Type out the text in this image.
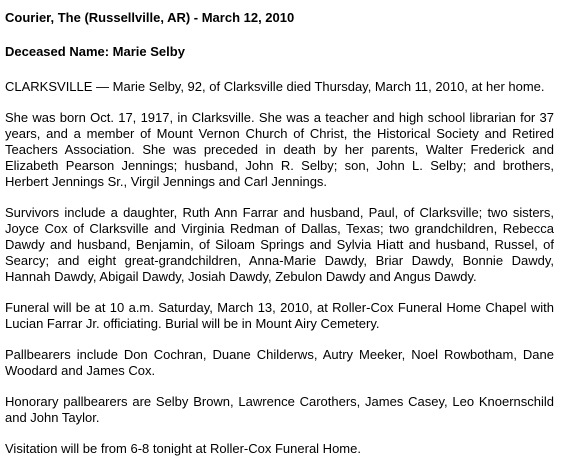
Courier, The (Russellville, AR) - March 12, 2010

Deceased Name: Marie Selby

CLARKSVILLE — Marie Selby, 92, of Clarksville died Thursday, March 11, 2010, at her home.

She was born Oct. 17, 1917, in Clarksville. She was a teacher and high school librarian for 37 years, and a member of Mount Vernon Church of Christ, the Historical Society and Retired Teachers Association. She was preceded in death by her parents, Walter Frederick and Elizabeth Pearson Jennings; husband, John R. Selby; son, John L. Selby; and brothers, Herbert Jennings Sr., Virgil Jennings and Carl Jennings.

Survivors include a daughter, Ruth Ann Farrar and husband, Paul, of Clarksville; two sisters, Joyce Cox of Clarksville and Virginia Redman of Dallas, Texas; two grandchildren, Rebecca Dawdy and husband, Benjamin, of Siloam Springs and Sylvia Hiatt and husband, Russel, of Searcy; and eight great-grandchildren, Anna-Marie Dawdy, Briar Dawdy, Bonnie Dawdy, Hannah Dawdy, Abigail Dawdy, Josiah Dawdy, Zebulon Dawdy and Angus Dawdy.

Funeral will be at 10 a.m. Saturday, March 13, 2010, at Roller-Cox Funeral Home Chapel with Lucian Farrar Jr. officiating. Burial will be in Mount Airy Cemetery.

Pallbearers include Don Cochran, Duane Childerws, Autry Meeker, Noel Rowbotham, Dane Woodard and James Cox.

Honorary pallbearers are Selby Brown, Lawrence Carothers, James Casey, Leo Knoernschild and John Taylor.

Visitation will be from 6-8 tonight at Roller-Cox Funeral Home.
